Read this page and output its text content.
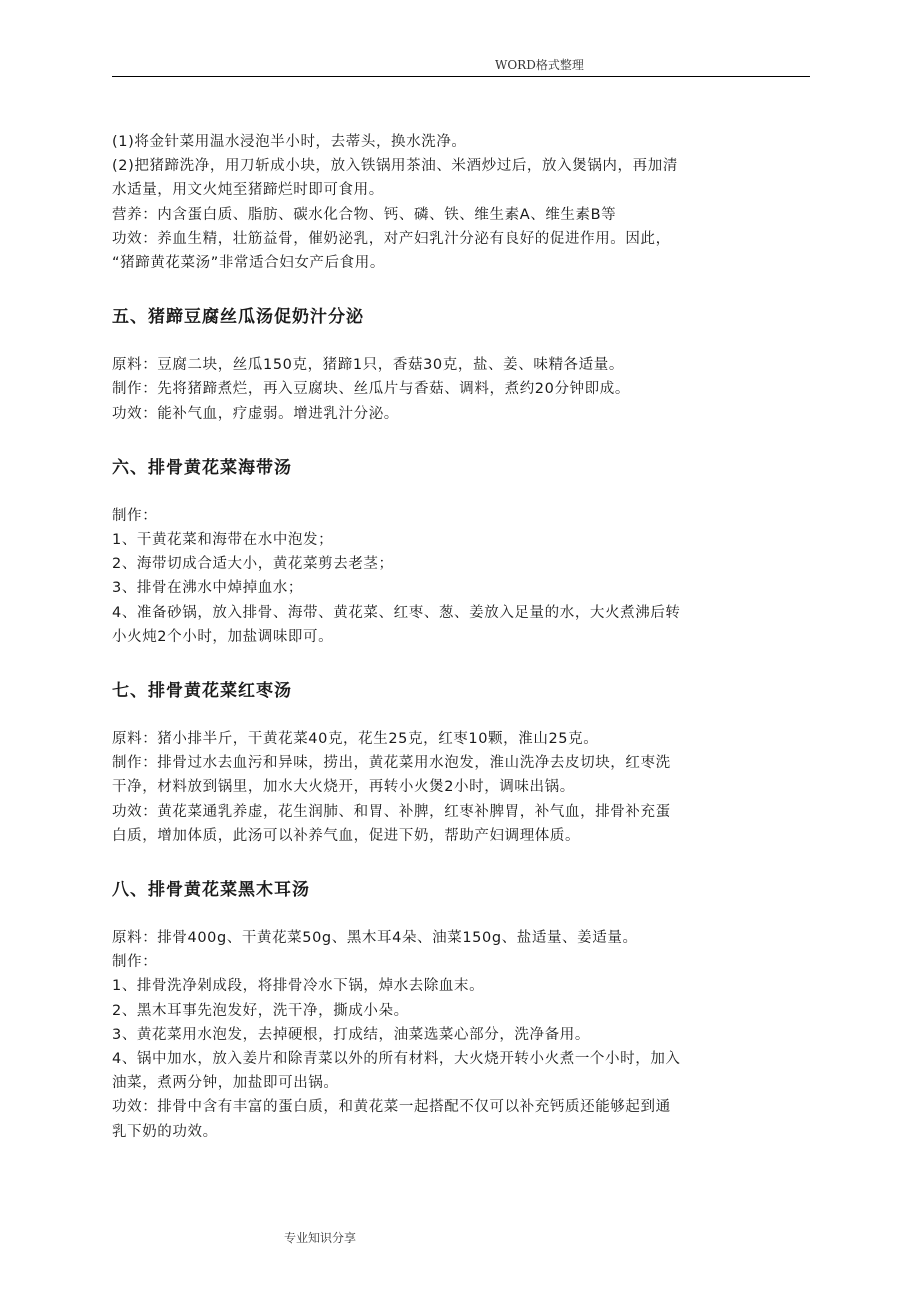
WORD格式整理
(1)将金针菜用温水浸泡半小时，去蒂头，换水洗净。
(2)把猪蹄洗净，用刀斩成小块，放入铁锅用茶油、米酒炒过后，放入煲锅内，再加清
水适量，用文火炖至猪蹄烂时即可食用。
营养：内含蛋白质、脂肪、碳水化合物、钙、磷、铁、维生素A、维生素B等
功效：养血生精，壮筋益骨，催奶泌乳，对产妇乳汁分泌有良好的促进作用。因此，
“猪蹄黄花菜汤”非常适合妇女产后食用。
五、猪蹄豆腐丝瓜汤促奶汁分泌
原料：豆腐二块，丝瓜150克，猪蹄1只，香菇30克，盐、姜、味精各适量。
制作：先将猪蹄煮烂，再入豆腐块、丝瓜片与香菇、调料，煮约20分钟即成。
功效：能补气血，疗虚弱。增进乳汁分泌。
六、排骨黄花菜海带汤
制作：
1、干黄花菜和海带在水中泡发；
2、海带切成合适大小，黄花菜剪去老茎；
3、排骨在沸水中焯掉血水；
4、准备砂锅，放入排骨、海带、黄花菜、红枣、葱、姜放入足量的水，大火煮沸后转
小火炖2个小时，加盐调味即可。
七、排骨黄花菜红枣汤
原料：猪小排半斤，干黄花菜40克，花生25克，红枣10颗，淮山25克。
制作：排骨过水去血污和异味，捞出，黄花菜用水泡发，淮山洗净去皮切块，红枣洗
干净，材料放到锅里，加水大火烧开，再转小火煲2小时，调味出锅。
功效：黄花菜通乳养虚，花生润肺、和胃、补脾，红枣补脾胃，补气血，排骨补充蛋
白质，增加体质，此汤可以补养气血，促进下奶，帮助产妇调理体质。
八、排骨黄花菜黑木耳汤
原料：排骨400g、干黄花菜50g、黑木耳4朵、油菜150g、盐适量、姜适量。
制作：
1、排骨洗净剁成段，将排骨冷水下锅，焯水去除血末。
2、黑木耳事先泡发好，洗干净，撕成小朵。
3、黄花菜用水泡发，去掉硬根，打成结，油菜选菜心部分，洗净备用。
4、锅中加水，放入姜片和除青菜以外的所有材料，大火烧开转小火煮一个小时，加入
油菜，煮两分钟，加盐即可出锅。
功效：排骨中含有丰富的蛋白质，和黄花菜一起搭配不仅可以补充钙质还能够起到通
乳下奶的功效。
专业知识分享
